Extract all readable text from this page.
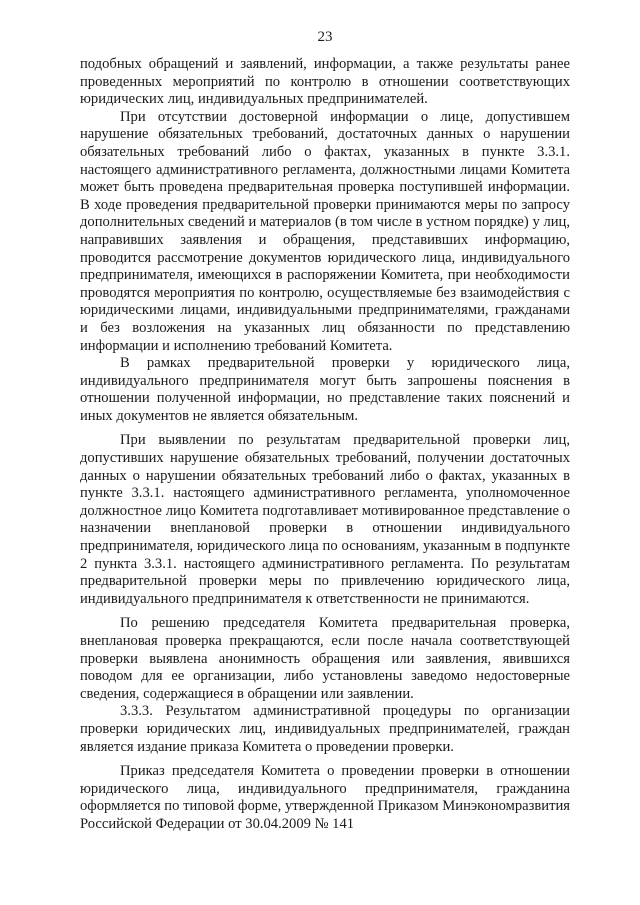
23

подобных обращений и заявлений, информации, а также результаты ранее проведенных мероприятий по контролю в отношении соответствующих юридических лиц, индивидуальных предпринимателей.

При отсутствии достоверной информации о лице, допустившем нарушение обязательных требований, достаточных данных о нарушении обязательных требований либо о фактах, указанных в пункте 3.3.1. настоящего административного регламента, должностными лицами Комитета может быть проведена предварительная проверка поступившей информации. В ходе проведения предварительной проверки принимаются меры по запросу дополнительных сведений и материалов (в том числе в устном порядке) у лиц, направивших заявления и обращения, представивших информацию, проводится рассмотрение документов юридического лица, индивидуального предпринимателя, имеющихся в распоряжении Комитета, при необходимости проводятся мероприятия по контролю, осуществляемые без взаимодействия с юридическими лицами, индивидуальными предпринимателями, гражданами и без возложения на указанных лиц обязанности по представлению информации и исполнению требований Комитета.

В рамках предварительной проверки у юридического лица, индивидуального предпринимателя могут быть запрошены пояснения в отношении полученной информации, но представление таких пояснений и иных документов не является обязательным.

При выявлении по результатам предварительной проверки лиц, допустивших нарушение обязательных требований, получении достаточных данных о нарушении обязательных требований либо о фактах, указанных в пункте 3.3.1. настоящего административного регламента, уполномоченное должностное лицо Комитета подготавливает мотивированное представление о назначении внеплановой проверки в отношении индивидуального предпринимателя, юридического лица по основаниям, указанным в подпункте 2 пункта 3.3.1. настоящего административного регламента. По результатам предварительной проверки меры по привлечению юридического лица, индивидуального предпринимателя к ответственности не принимаются.

По решению председателя Комитета предварительная проверка, внеплановая проверка прекращаются, если после начала соответствующей проверки выявлена анонимность обращения или заявления, явившихся поводом для ее организации, либо установлены заведомо недостоверные сведения, содержащиеся в обращении или заявлении.

3.3.3. Результатом административной процедуры по организации проверки юридических лиц, индивидуальных предпринимателей, граждан является издание приказа Комитета о проведении проверки.

Приказ председателя Комитета о проведении проверки в отношении юридического лица, индивидуального предпринимателя, гражданина оформляется по типовой форме, утвержденной Приказом Минэкономразвития Российской Федерации от 30.04.2009 № 141
